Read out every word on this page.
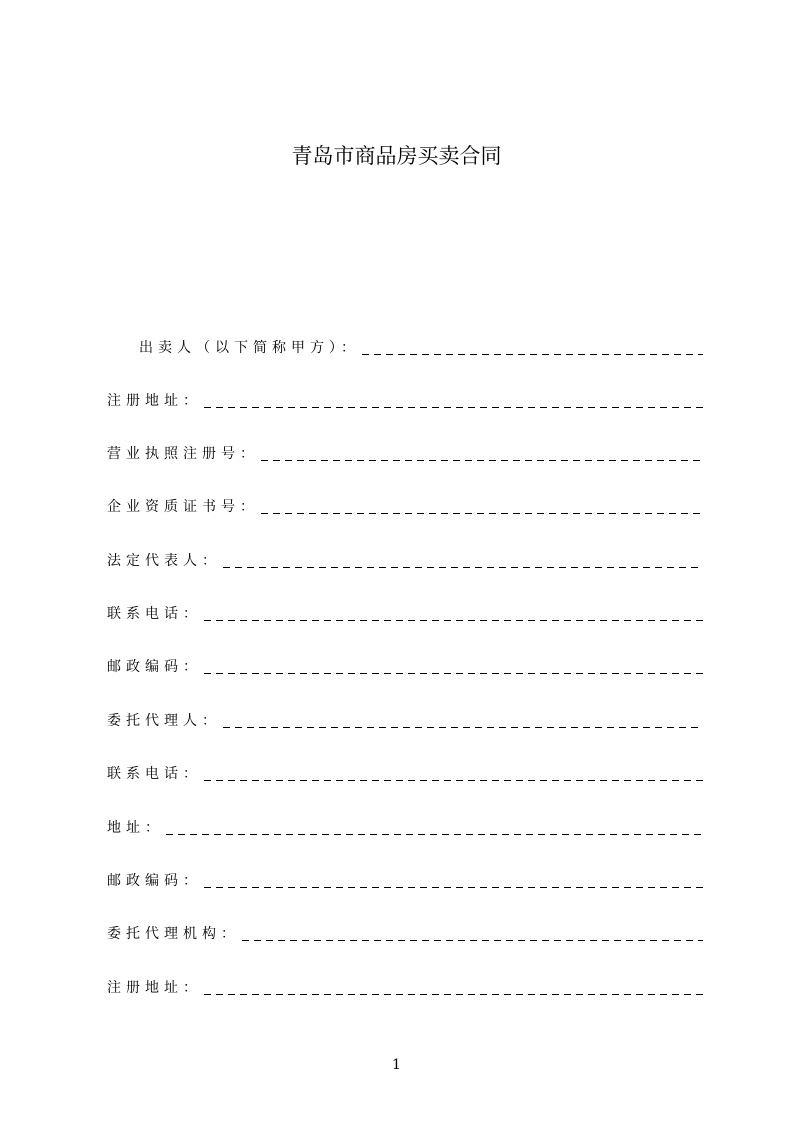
青岛市商品房买卖合同
出卖人（以下简称甲方）：
注册地址：
营业执照注册号：
企业资质证书号：
法定代表人：
联系电话：
邮政编码：
委托代理人：
联系电话：
地址：
邮政编码：
委托代理机构：
注册地址：
1
